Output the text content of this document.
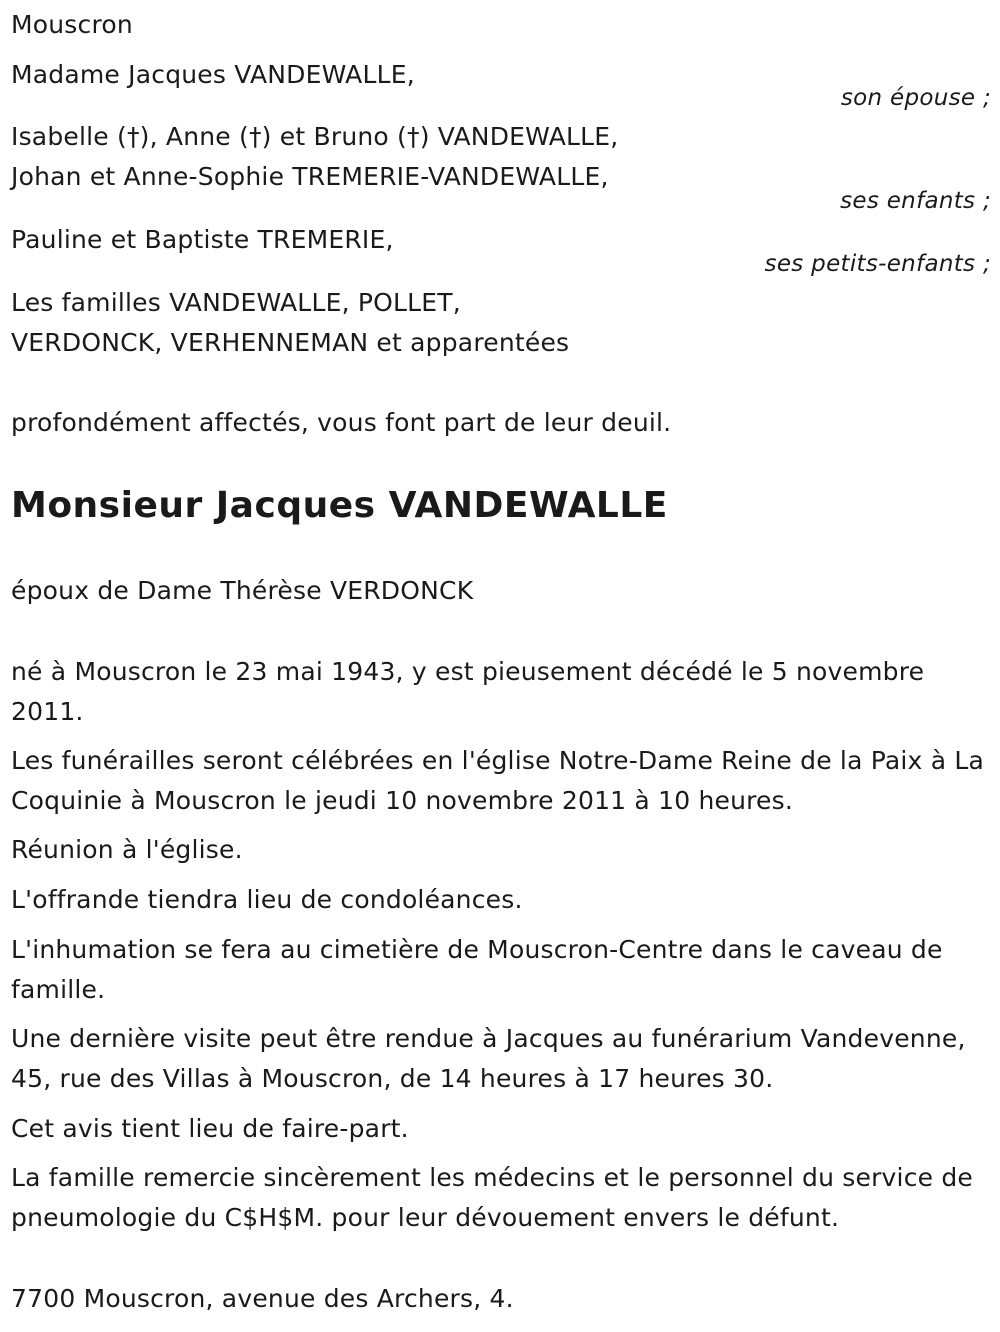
Mouscron
Madame Jacques VANDEWALLE,
son épouse ;
Isabelle (†), Anne (†) et Bruno (†) VANDEWALLE,
Johan et Anne-Sophie TREMERIE-VANDEWALLE,
ses enfants ;
Pauline et Baptiste TREMERIE,
ses petits-enfants ;
Les familles VANDEWALLE, POLLET,
VERDONCK, VERHENNEMAN et apparentées
profondément affectés, vous font part de leur deuil.
Monsieur Jacques VANDEWALLE
époux de Dame Thérèse VERDONCK
né à Mouscron le 23 mai 1943, y est pieusement décédé le 5 novembre 2011.
Les funérailles seront célébrées en l'église Notre-Dame Reine de la Paix à La Coquinie à Mouscron le jeudi 10 novembre 2011 à 10 heures.
Réunion à l'église.
L'offrande tiendra lieu de condoléances.
L'inhumation se fera au cimetière de Mouscron-Centre dans le caveau de famille.
Une dernière visite peut être rendue à Jacques au funérarium Vandevenne, 45, rue des Villas à Mouscron, de 14 heures à 17 heures 30.
Cet avis tient lieu de faire-part.
La famille remercie sincèrement les médecins et le personnel du service de pneumologie du C$H$M. pour leur dévouement envers le défunt.
7700 Mouscron, avenue des Archers, 4.
